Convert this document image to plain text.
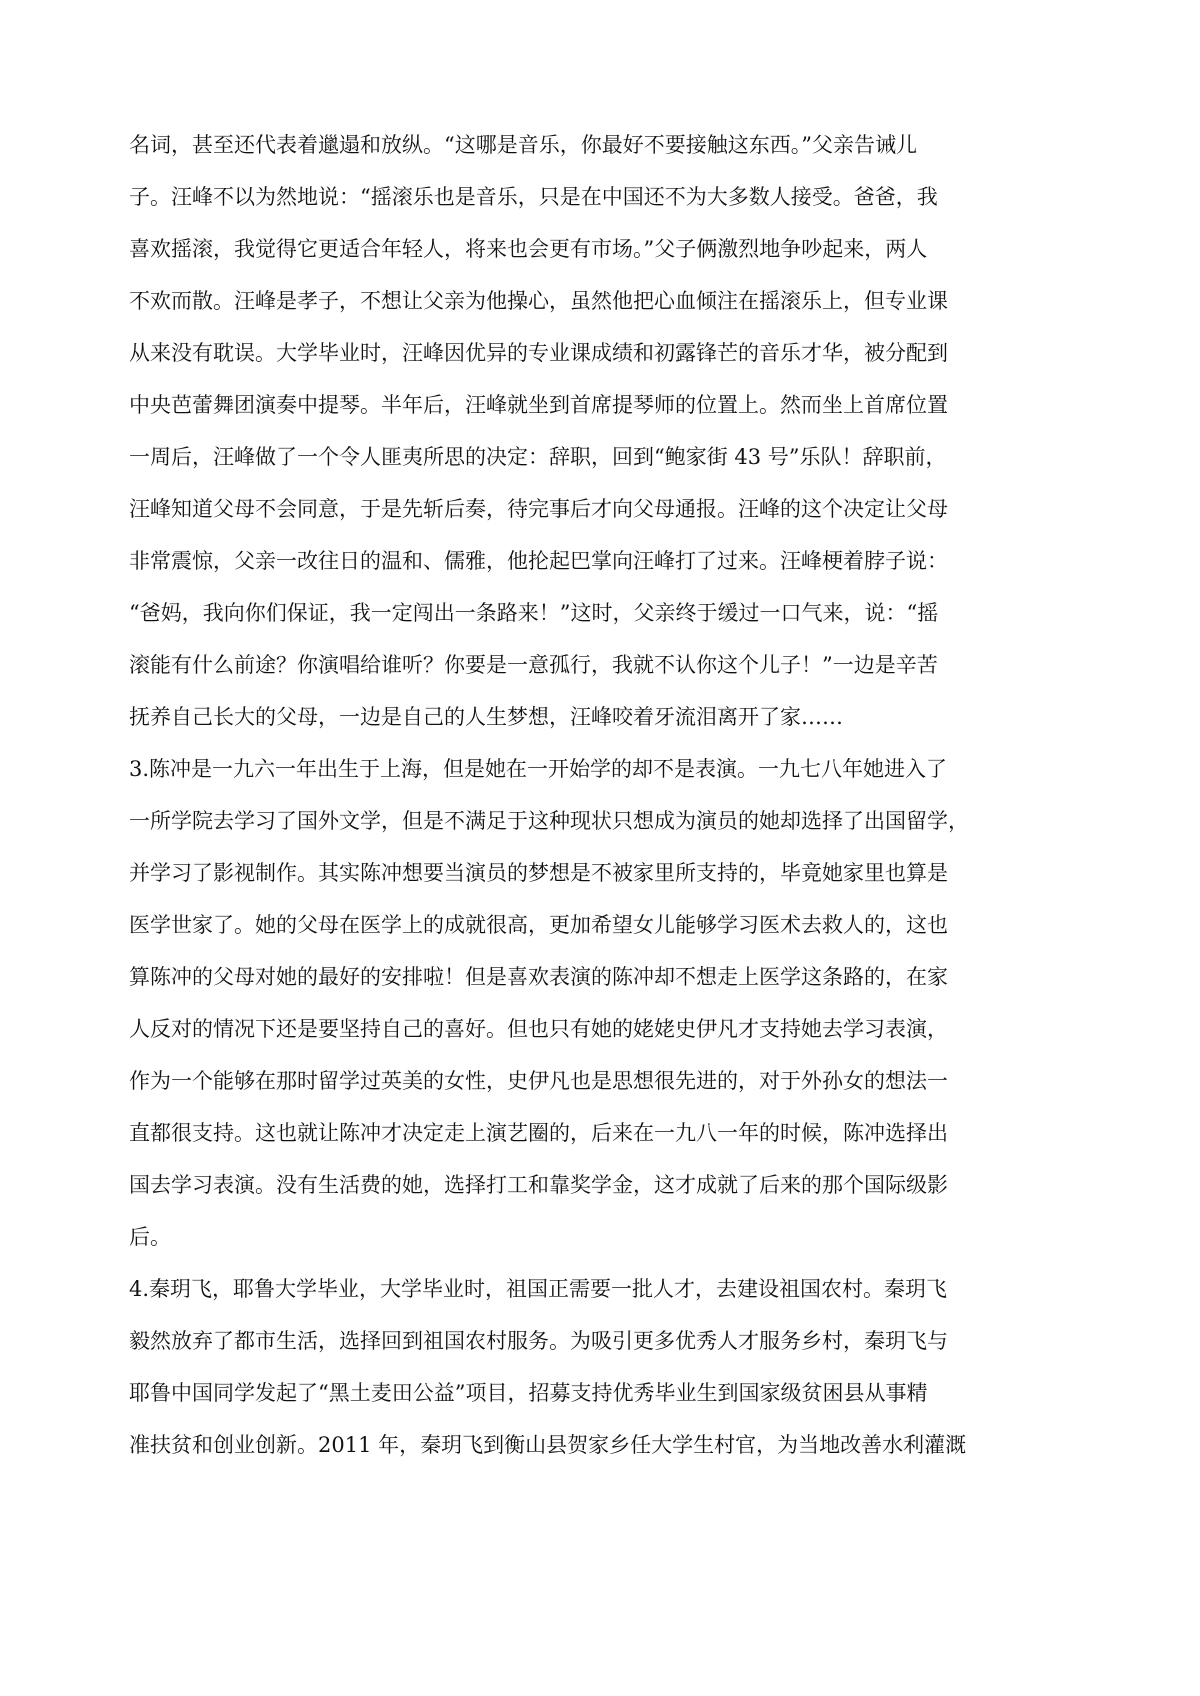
名词，甚至还代表着邋遢和放纵。“这哪是音乐，你最好不要接触这东西。”父亲告诫儿
子。汪峰不以为然地说：“摇滚乐也是音乐，只是在中国还不为大多数人接受。爸爸，我
喜欢摇滚，我觉得它更适合年轻人，将来也会更有市场。”父子俩激烈地争吵起来，两人
不欢而散。汪峰是孝子，不想让父亲为他操心，虽然他把心血倾注在摇滚乐上，但专业课
从来没有耽误。大学毕业时，汪峰因优异的专业课成绩和初露锋芒的音乐才华，被分配到
中央芭蕾舞团演奏中提琴。半年后，汪峰就坐到首席提琴师的位置上。然而坐上首席位置
一周后，汪峰做了一个令人匪夷所思的决定：辞职，回到“鲍家街 43 号”乐队！辞职前，
汪峰知道父母不会同意，于是先斩后奏，待完事后才向父母通报。汪峰的这个决定让父母
非常震惊，父亲一改往日的温和、儒雅，他抡起巴掌向汪峰打了过来。汪峰梗着脖子说：
“爸妈，我向你们保证，我一定闯出一条路来！”这时，父亲终于缓过一口气来，说：“摇
滚能有什么前途？你演唱给谁听？你要是一意孤行，我就不认你这个儿子！”一边是辛苦
抚养自己长大的父母，一边是自己的人生梦想，汪峰咬着牙流泪离开了家……
3.陈冲是一九六一年出生于上海，但是她在一开始学的却不是表演。一九七八年她进入了
一所学院去学习了国外文学，但是不满足于这种现状只想成为演员的她却选择了出国留学，
并学习了影视制作。其实陈冲想要当演员的梦想是不被家里所支持的，毕竟她家里也算是
医学世家了。她的父母在医学上的成就很高，更加希望女儿能够学习医术去救人的，这也
算陈冲的父母对她的最好的安排啦！但是喜欢表演的陈冲却不想走上医学这条路的，在家
人反对的情况下还是要坚持自己的喜好。但也只有她的姥姥史伊凡才支持她去学习表演，
作为一个能够在那时留学过英美的女性，史伊凡也是思想很先进的，对于外孙女的想法一
直都很支持。这也就让陈冲才决定走上演艺圈的，后来在一九八一年的时候，陈冲选择出
国去学习表演。没有生活费的她，选择打工和靠奖学金，这才成就了后来的那个国际级影
后。
4.秦玥飞，耶鲁大学毕业，大学毕业时，祖国正需要一批人才，去建设祖国农村。秦玥飞
毅然放弃了都市生活，选择回到祖国农村服务。为吸引更多优秀人才服务乡村，秦玥飞与
耶鲁中国同学发起了“黑土麦田公益”项目，招募支持优秀毕业生到国家级贫困县从事精
准扶贫和创业创新。2011 年，秦玥飞到衡山县贺家乡任大学生村官，为当地改善水利灌溉
